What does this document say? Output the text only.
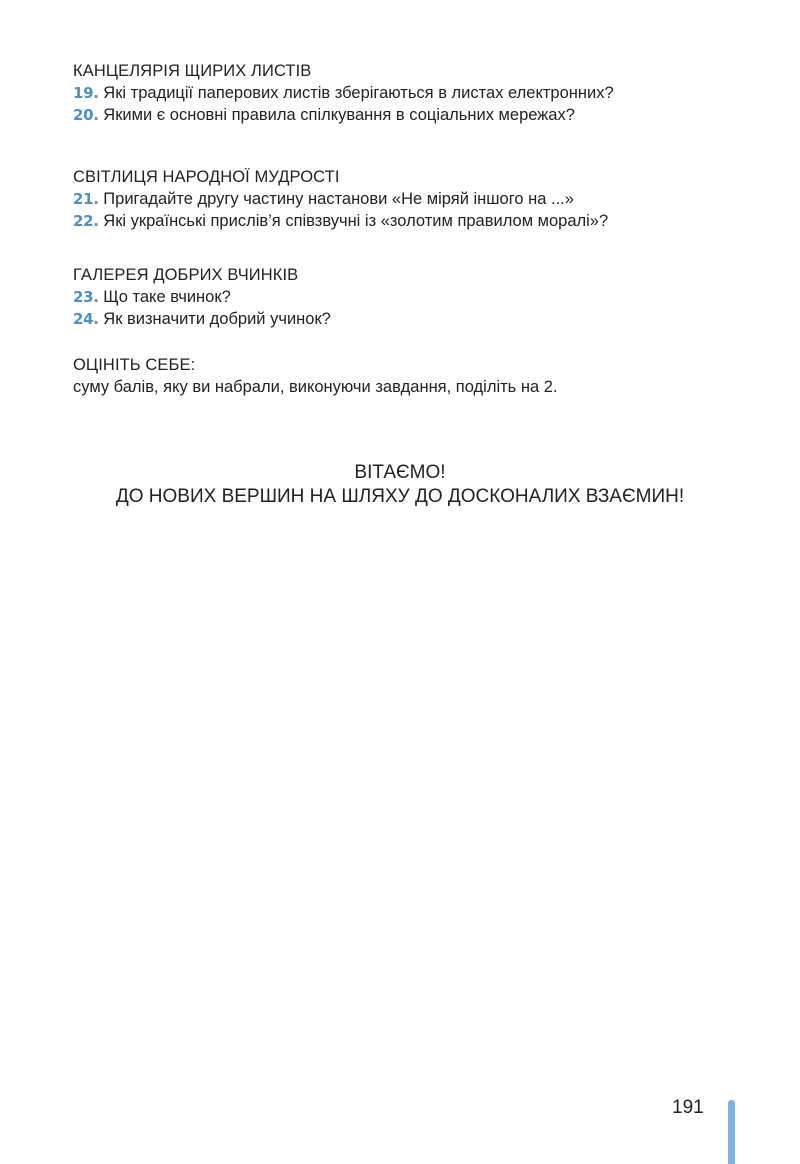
КАНЦЕЛЯРІЯ ЩИРИХ ЛИСТІВ
19. Які традиції паперових листів зберігаються в листах електронних?
20. Якими є основні правила спілкування в соціальних мережах?
СВІТЛИЦЯ НАРОДНОЇ МУДРОСТІ
21. Пригадайте другу частину настанови «Не міряй іншого на ...»
22. Які українські прислів’я співзвучні із «золотим правилом моралі»?
ГАЛЕРЕЯ ДОБРИХ ВЧИНКІВ
23. Що таке вчинок?
24. Як визначити добрий учинок?
ОЦІНІТЬ СЕБЕ:
суму балів, яку ви набрали, виконуючи завдання, поділіть на 2.
ВІТАЄМО!
ДО НОВИХ ВЕРШИН НА ШЛЯХУ ДО ДОСКОНАЛИХ ВЗАЄМИН!
191
